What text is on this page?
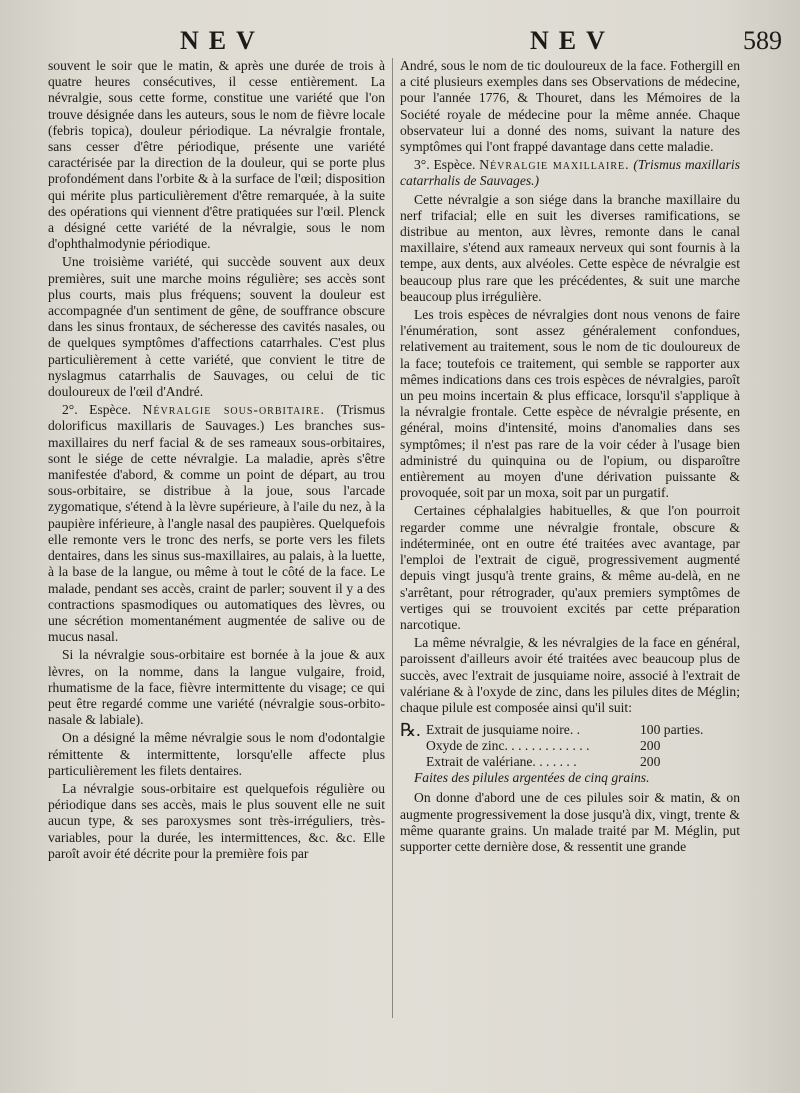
NEV	NEV	589

souvent le soir que le matin, & après une durée de trois à quatre heures consécutives, il cesse entièrement. La névralgie, sous cette forme, constitue une variété que l'on trouve désignée dans les auteurs, sous le nom de fièvre locale (febris topica), douleur périodique. La névralgie frontale, sans cesser d'être périodique, présente une variété caractérisée par la direction de la douleur, qui se porte plus profondément dans l'orbite & à la surface de l'œil; disposition qui mérite plus particulièrement d'être remarquée, à la suite des opérations qui viennent d'être pratiquées sur l'œil. Plenck a désigné cette variété de la névralgie, sous le nom d'ophthalmodynie périodique.

Une troisième variété, qui succède souvent aux deux premières, suit une marche moins régulière; ses accès sont plus courts, mais plus fréquens; souvent la douleur est accompagnée d'un sentiment de gêne, de souffrance obscure dans les sinus frontaux, de sécheresse des cavités nasales, ou de quelques symptômes d'affections catarrhales. C'est plus particulièrement à cette variété, que convient le titre de nyslagmus catarrhalis de Sauvages, ou celui de tic douloureux de l'œil d'André.

2°. Espèce. Névralgie sous-orbitaire. (Trismus dolorificus maxillaris de Sauvages.) Les branches sus-maxillaires du nerf facial & de ses rameaux sous-orbitaires, sont le siége de cette névralgie. La maladie, après s'être manifestée d'abord, & comme un point de départ, au trou sous-orbitaire, se distribue à la joue, sous l'arcade zygomatique, s'étend à la lèvre supérieure, à l'aile du nez, à la paupière inférieure, à l'angle nasal des paupières. Quelquefois elle remonte vers le tronc des nerfs, se porte vers les filets dentaires, dans les sinus sus-maxillaires, au palais, à la luette, à la base de la langue, ou même à tout le côté de la face. Le malade, pendant ses accès, craint de parler; souvent il y a des contractions spasmodiques ou automatiques des lèvres, ou une sécrétion momentanément augmentée de salive ou de mucus nasal.

Si la névralgie sous-orbitaire est bornée à la joue & aux lèvres, on la nomme, dans la langue vulgaire, froid, rhumatisme de la face, fièvre intermittente du visage; ce qui peut être regardé comme une variété (névralgie sous-orbito-nasale & labiale).

On a désigné la même névralgie sous le nom d'odontalgie rémittente & intermittente, lorsqu'elle affecte plus particulièrement les filets dentaires.

La névralgie sous-orbitaire est quelquefois régulière ou périodique dans ses accès, mais le plus souvent elle ne suit aucun type, & ses paroxysmes sont très-irréguliers, très-variables, pour la durée, les intermittences, &c. &c. Elle paroît avoir été décrite pour la première fois par

André, sous le nom de tic douloureux de la face. Fothergill en a cité plusieurs exemples dans ses Observations de médecine, pour l'année 1776, & Thouret, dans les Mémoires de la Société royale de médecine pour la même année. Chaque observateur lui a donné des noms, suivant la nature des symptômes qui l'ont frappé davantage dans cette maladie.

3°. Espèce. Névralgie maxillaire. (Trismus maxillaris catarrhalis de Sauvages.)

Cette névralgie a son siége dans la branche maxillaire du nerf trifacial; elle en suit les diverses ramifications, se distribue au menton, aux lèvres, remonte dans le canal maxillaire, s'étend aux rameaux nerveux qui sont fournis à la tempe, aux dents, aux alvéoles. Cette espèce de névralgie est beaucoup plus rare que les précédentes, & suit une marche beaucoup plus irrégulière.

Les trois espèces de névralgies dont nous venons de faire l'énumération, sont assez généralement confondues, relativement au traitement, sous le nom de tic douloureux de la face; toutefois ce traitement, qui semble se rapporter aux mêmes indications dans ces trois espèces de névralgies, paroît un peu moins incertain & plus efficace, lorsqu'il s'applique à la névralgie frontale. Cette espèce de névralgie présente, en général, moins d'intensité, moins d'anomalies dans ses symptômes; il n'est pas rare de la voir céder à l'usage bien administré du quinquina ou de l'opium, ou disparoître entièrement au moyen d'une dérivation puissante & provoquée, soit par un moxa, soit par un purgatif.

Certaines céphalalgies habituelles, & que l'on pourroit regarder comme une névralgie frontale, obscure & indéterminée, ont en outre été traitées avec avantage, par l'emploi de l'extrait de ciguë, progressivement augmenté depuis vingt jusqu'à trente grains, & même au-delà, en ne s'arrêtant, pour rétrograder, qu'aux premiers symptômes de vertiges qui se trouvoient excités par cette préparation narcotique.

La même névralgie, & les névralgies de la face en général, paroissent d'ailleurs avoir été traitées avec beaucoup plus de succès, avec l'extrait de jusquiame noire, associé à l'extrait de valériane & à l'oxyde de zinc, dans les pilules dites de Méglin; chaque pilule est composée ainsi qu'il suit:

℞. Extrait de jusquiame noire. .	100 parties.
Oxyde de zinc. . . . . . . . . . . . .	200
Extrait de valériane. . . . . . .	200

Faites des pilules argentées de cinq grains.

On donne d'abord une de ces pilules soir & matin, & on augmente progressivement la dose jusqu'à dix, vingt, trente & même quarante grains. Un malade traité par M. Méglin, put supporter cette dernière dose, & ressentit une grande
